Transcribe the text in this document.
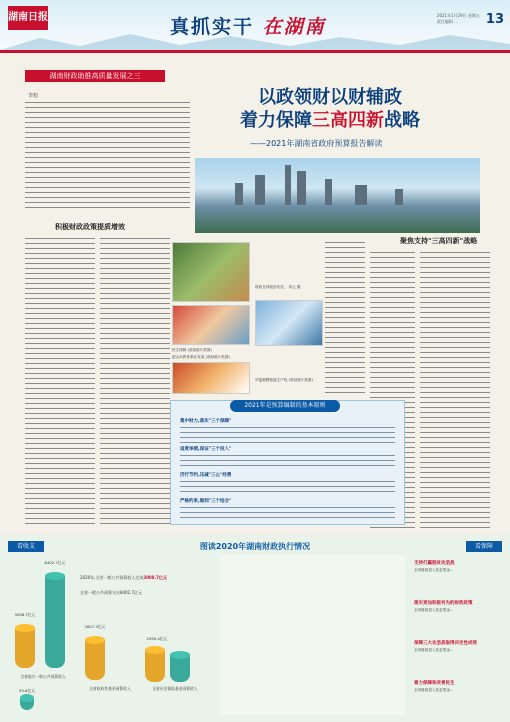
湖南日报	真抓实干 在湖南
2021年1月29日 星期五
责任编辑 ...	13
湖南财政助推高质量发展之三
李旭	以政领财以财辅政
着力保障三高四新战略
——2021年湖南省政府预算报告解读
积极财政政策提质增效
财政支持脱贫攻坚。 刘云 摄
民生保障 (省财政厅供图)
韶山市教育事业发展 (省财政厅供图)
华菱湘钢智能生产线 (省财政厅供图)
聚焦支持"三高四新"战略
2021年是预算编制的基本原则
集中财力,落实"三个保障"
适度举债,保证"三个投入"
厉行节约,压减"三公"经费
严格约束,做到"三个结合"
看收支	看保障
图读2020年湖南财政执行情况
3008.7亿元
8402.7亿元
全省地方一般公共预算收入
2807.3亿元
93.6亿元	全省政府性基金预算收入
2950.4亿元
全省社会保险基金预算收入
2020年,全省一般公共预算收入完成3008.7亿元
全省一般公共预算支出8402.7亿元
支持打赢脱贫攻坚战
全省财政投入扶贫资金...
落实更加积极有为的财政政策
全省财政投入扶贫资金...
保障三大攻坚战取得决定性成效
全省财政投入扶贫资金...
着力保障和改善民生
全省财政投入扶贫资金...
